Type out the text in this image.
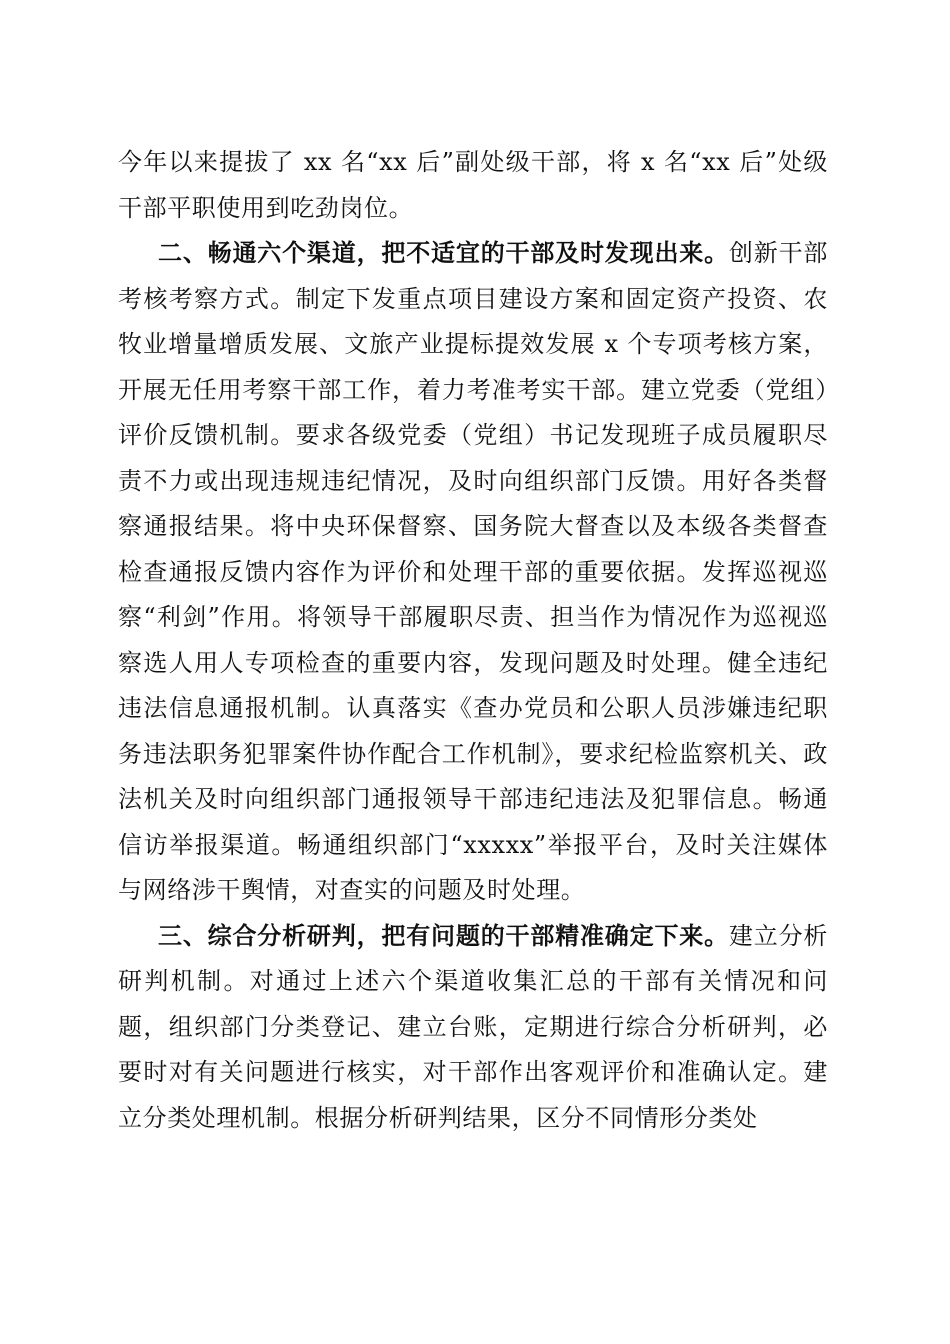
今年以来提拔了 xx 名“xx 后”副处级干部，将 x 名“xx 后”处级干部平职使用到吃劲岗位。

二、畅通六个渠道，把不适宜的干部及时发现出来。创新干部考核考察方式。制定下发重点项目建设方案和固定资产投资、农牧业增量增质发展、文旅产业提标提效发展 x 个专项考核方案，开展无任用考察干部工作，着力考准考实干部。建立党委（党组）评价反馈机制。要求各级党委（党组）书记发现班子成员履职尽责不力或出现违规违纪情况，及时向组织部门反馈。用好各类督察通报结果。将中央环保督察、国务院大督查以及本级各类督查检查通报反馈内容作为评价和处理干部的重要依据。发挥巡视巡察“利剑”作用。将领导干部履职尽责、担当作为情况作为巡视巡察选人用人专项检查的重要内容，发现问题及时处理。健全违纪违法信息通报机制。认真落实《查办党员和公职人员涉嫌违纪职务违法职务犯罪案件协作配合工作机制》，要求纪检监察机关、政法机关及时向组织部门通报领导干部违纪违法及犯罪信息。畅通信访举报渠道。畅通组织部门“xxxxx”举报平台，及时关注媒体与网络涉干舆情，对查实的问题及时处理。

三、综合分析研判，把有问题的干部精准确定下来。建立分析研判机制。对通过上述六个渠道收集汇总的干部有关情况和问题，组织部门分类登记、建立台账，定期进行综合分析研判，必要时对有关问题进行核实，对干部作出客观评价和准确认定。建立分类处理机制。根据分析研判结果，区分不同情形分类处
